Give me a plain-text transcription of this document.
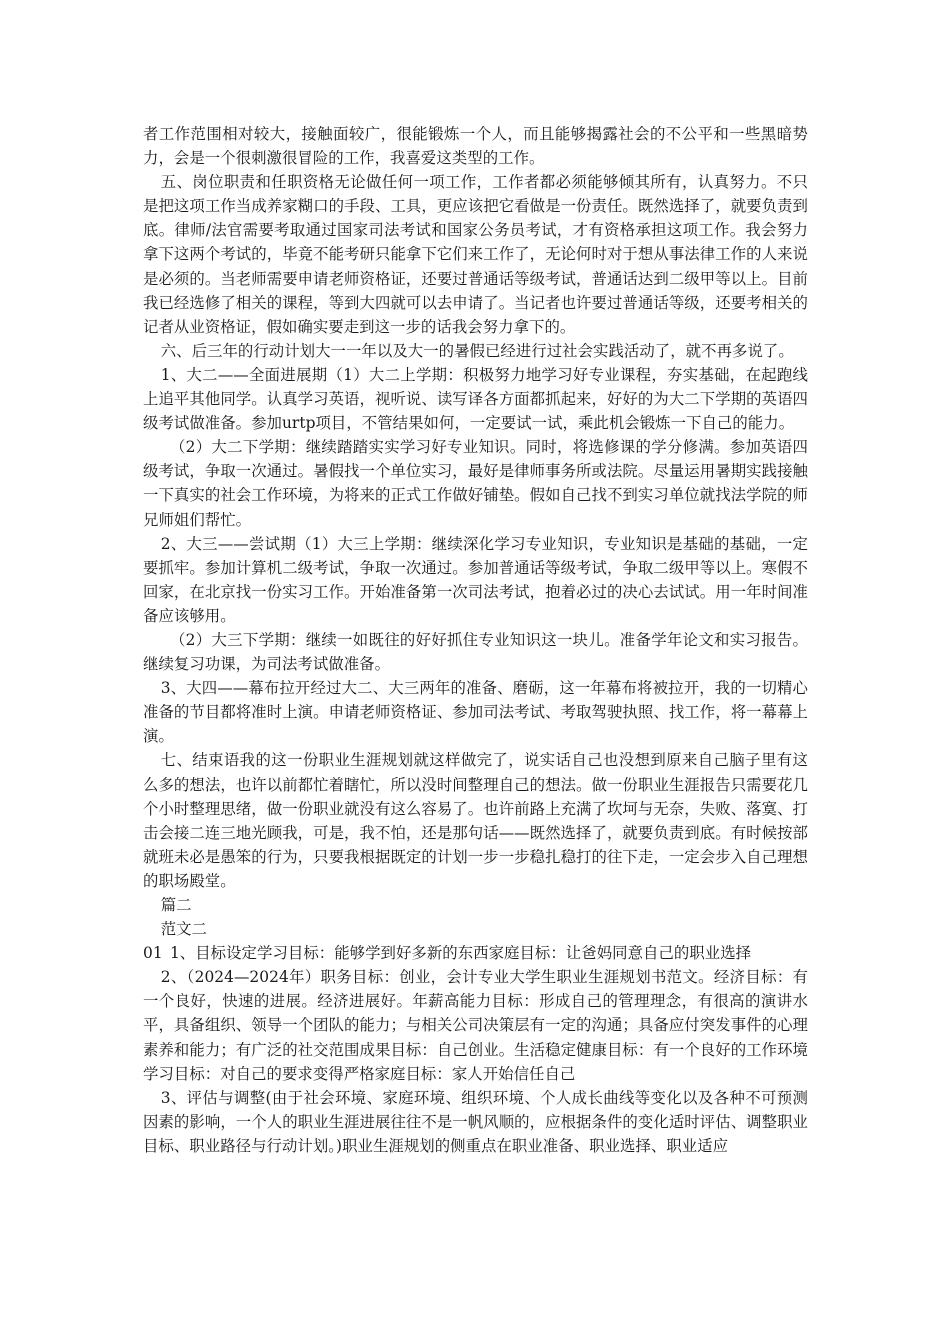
者工作范围相对较大，接触面较广，很能锻炼一个人，而且能够揭露社会的不公平和一些黑暗势力，会是一个很刺激很冒险的工作，我喜爱这类型的工作。

五、岗位职责和任职资格无论做任何一项工作，工作者都必须能够倾其所有，认真努力。不只是把这项工作当成养家糊口的手段、工具，更应该把它看做是一份责任。既然选择了，就要负责到底。律师/法官需要考取通过国家司法考试和国家公务员考试，才有资格承担这项工作。我会努力拿下这两个考试的，毕竟不能考研只能拿下它们来工作了，无论何时对于想从事法律工作的人来说是必须的。当老师需要申请老师资格证，还要过普通话等级考试，普通话达到二级甲等以上。目前我已经选修了相关的课程，等到大四就可以去申请了。当记者也许要过普通话等级，还要考相关的记者从业资格证，假如确实要走到这一步的话我会努力拿下的。

六、后三年的行动计划大一一年以及大一的暑假已经进行过社会实践活动了，就不再多说了。

1、大二——全面进展期（1）大二上学期：积极努力地学习好专业课程，夯实基础，在起跑线上追平其他同学。认真学习英语，视听说、读写译各方面都抓起来，好好的为大二下学期的英语四级考试做准备。参加urtp项目，不管结果如何，一定要试一试，乘此机会锻炼一下自己的能力。

（2）大二下学期：继续踏踏实实学习好专业知识。同时，将选修课的学分修满。参加英语四级考试，争取一次通过。暑假找一个单位实习，最好是律师事务所或法院。尽量运用暑期实践接触一下真实的社会工作环境，为将来的正式工作做好铺垫。假如自己找不到实习单位就找法学院的师兄师姐们帮忙。

2、大三——尝试期（1）大三上学期：继续深化学习专业知识，专业知识是基础的基础，一定要抓牢。参加计算机二级考试，争取一次通过。参加普通话等级考试，争取二级甲等以上。寒假不回家，在北京找一份实习工作。开始准备第一次司法考试，抱着必过的决心去试试。用一年时间准备应该够用。

（2）大三下学期：继续一如既往的好好抓住专业知识这一块儿。准备学年论文和实习报告。继续复习功课，为司法考试做准备。

3、大四——幕布拉开经过大二、大三两年的准备、磨砺，这一年幕布将被拉开，我的一切精心准备的节目都将准时上演。申请老师资格证、参加司法考试、考取驾驶执照、找工作，将一幕幕上演。

七、结束语我的这一份职业生涯规划就这样做完了，说实话自己也没想到原来自己脑子里有这么多的想法，也许以前都忙着瞎忙，所以没时间整理自己的想法。做一份职业生涯报告只需要花几个小时整理思绪，做一份职业就没有这么容易了。也许前路上充满了坎坷与无奈，失败、落寞、打击会接二连三地光顾我，可是，我不怕，还是那句话——既然选择了，就要负责到底。有时候按部就班未必是愚笨的行为，只要我根据既定的计划一步一步稳扎稳打的往下走，一定会步入自己理想的职场殿堂。

篇二

范文二

01 1、目标设定学习目标：能够学到好多新的东西家庭目标：让爸妈同意自己的职业选择

2、（2024—2024年）职务目标：创业，会计专业大学生职业生涯规划书范文。经济目标：有一个良好，快速的进展。经济进展好。年薪高能力目标：形成自己的管理理念，有很高的演讲水平，具备组织、领导一个团队的能力；与相关公司决策层有一定的沟通；具备应付突发事件的心理素养和能力；有广泛的社交范围成果目标：自己创业。生活稳定健康目标：有一个良好的工作环境学习目标：对自己的要求变得严格家庭目标：家人开始信任自己

3、评估与调整(由于社会环境、家庭环境、组织环境、个人成长曲线等变化以及各种不可预测因素的影响，一个人的职业生涯进展往往不是一帆风顺的，应根据条件的变化适时评估、调整职业目标、职业路径与行动计划。)职业生涯规划的侧重点在职业准备、职业选择、职业适应
